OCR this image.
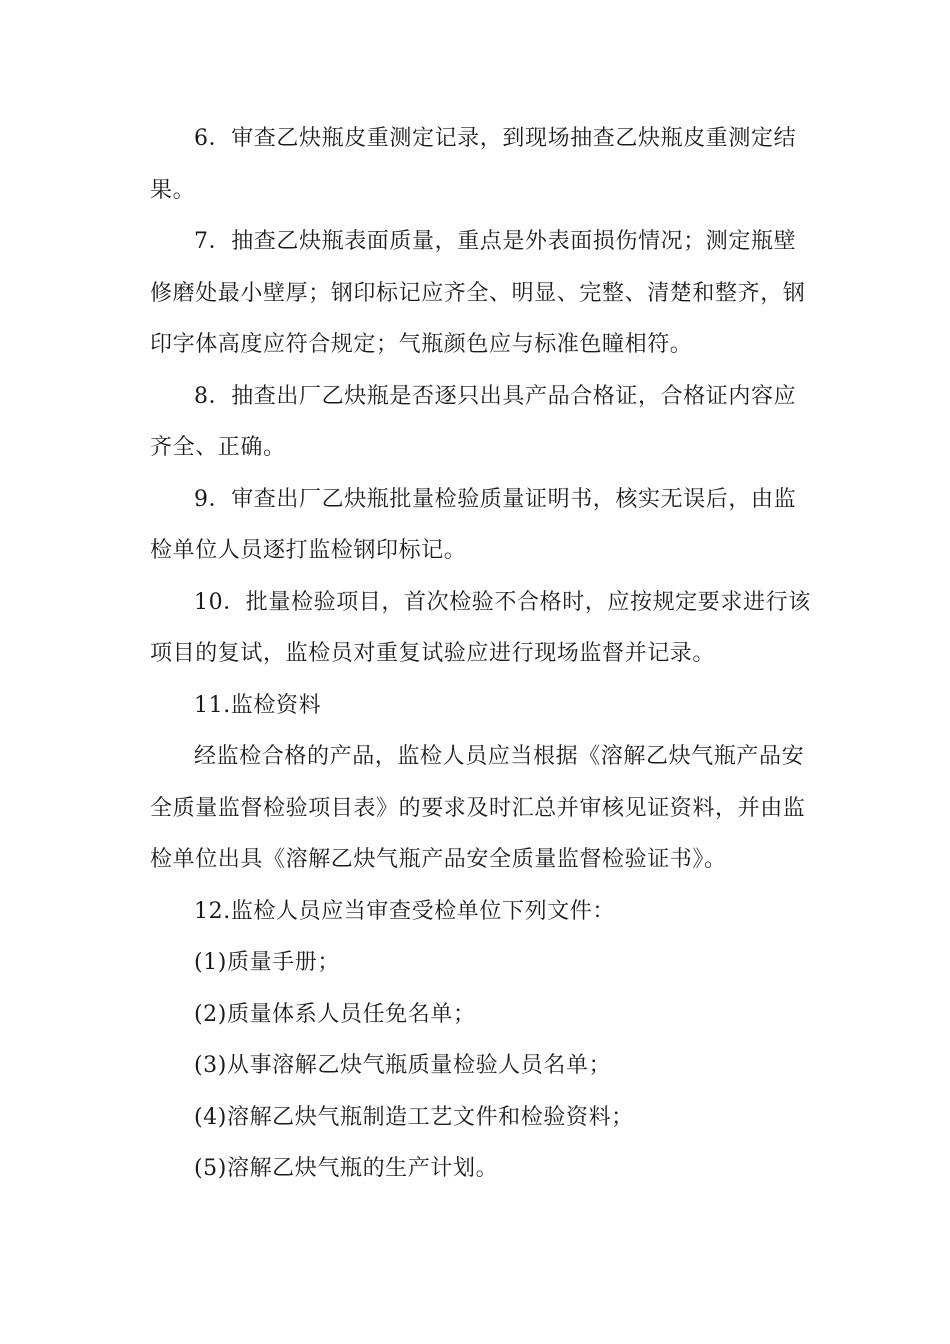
6．审查乙炔瓶皮重测定记录，到现场抽查乙炔瓶皮重测定结
果。
7．抽查乙炔瓶表面质量，重点是外表面损伤情况；测定瓶壁
修磨处最小壁厚；钢印标记应齐全、明显、完整、清楚和整齐，钢
印字体高度应符合规定；气瓶颜色应与标准色瞳相符。
8．抽查出厂乙炔瓶是否逐只出具产品合格证，合格证内容应
齐全、正确。
9．审查出厂乙炔瓶批量检验质量证明书，核实无误后，由监
检单位人员逐打监检钢印标记。
10．批量检验项目，首次检验不合格时，应按规定要求进行该
项目的复试，监检员对重复试验应进行现场监督并记录。
11.监检资料
经监检合格的产品，监检人员应当根据《溶解乙炔气瓶产品安
全质量监督检验项目表》的要求及时汇总并审核见证资料，并由监
检单位出具《溶解乙炔气瓶产品安全质量监督检验证书》。
12.监检人员应当审查受检单位下列文件：
(1)质量手册；
(2)质量体系人员任免名单；
(3)从事溶解乙炔气瓶质量检验人员名单；
(4)溶解乙炔气瓶制造工艺文件和检验资料；
(5)溶解乙炔气瓶的生产计划。
